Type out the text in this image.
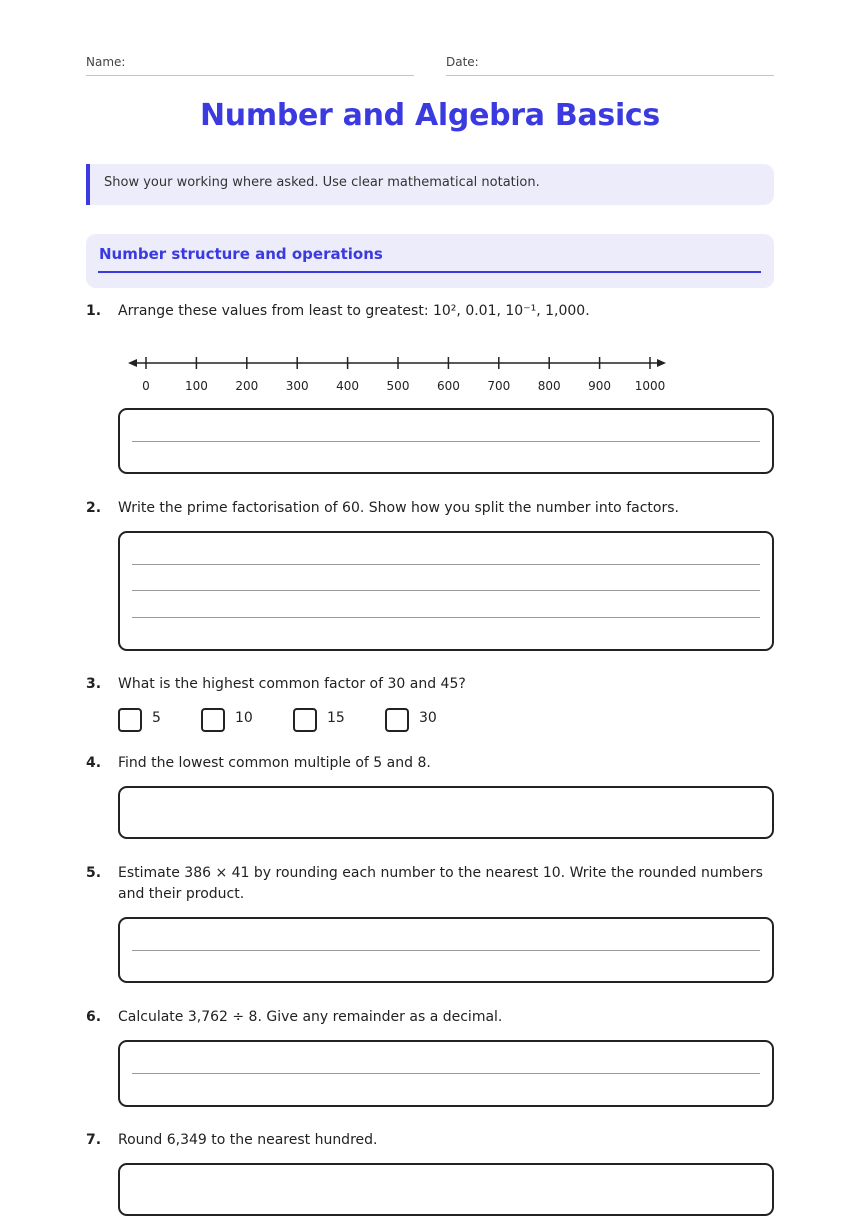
Name:	Date:
Number and Algebra Basics
Show your working where asked. Use clear mathematical notation.
Number structure and operations
1. Arrange these values from least to greatest: 10², 0.01, 10⁻¹, 1,000.
0	100 200 300 400 500 600 700 800 900 1000
2. Write the prime factorisation of 60. Show how you split the number into factors.
3. What is the highest common factor of 30 and 45?
5	10	15	30
4. Find the lowest common multiple of 5 and 8.
5. Estimate 386 × 41 by rounding each number to the nearest 10. Write the rounded numbers and their product.
6. Calculate 3,762 ÷ 8. Give any remainder as a decimal.
7. Round 6,349 to the nearest hundred.
